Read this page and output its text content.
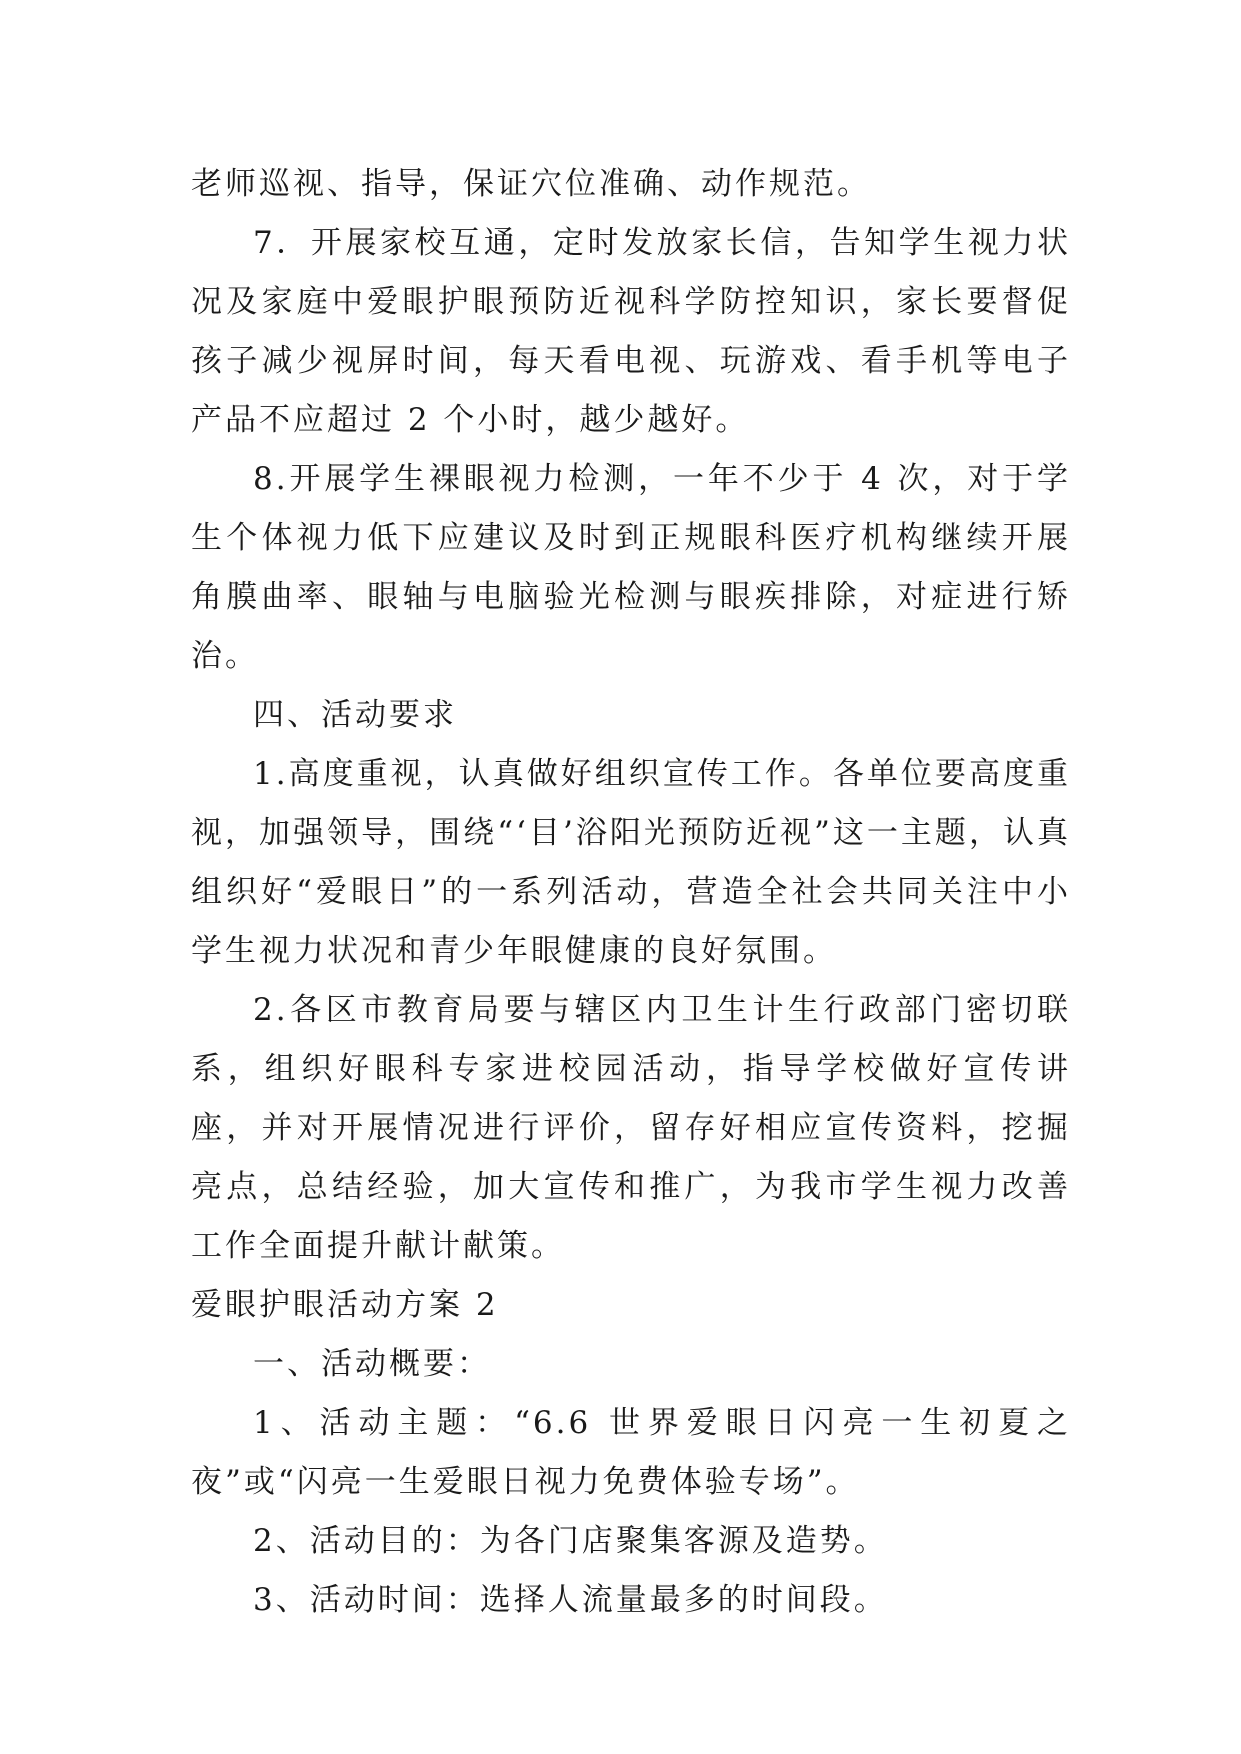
老师巡视、指导，保证穴位准确、动作规范。

7．开展家校互通，定时发放家长信，告知学生视力状况及家庭中爱眼护眼预防近视科学防控知识，家长要督促孩子减少视屏时间，每天看电视、玩游戏、看手机等电子产品不应超过 2 个小时，越少越好。

8.开展学生裸眼视力检测，一年不少于 4 次，对于学生个体视力低下应建议及时到正规眼科医疗机构继续开展角膜曲率、眼轴与电脑验光检测与眼疾排除，对症进行矫治。

四、活动要求

1.高度重视，认真做好组织宣传工作。各单位要高度重视，加强领导，围绕“‘目’浴阳光预防近视”这一主题，认真组织好“爱眼日”的一系列活动，营造全社会共同关注中小学生视力状况和青少年眼健康的良好氛围。

2.各区市教育局要与辖区内卫生计生行政部门密切联系，组织好眼科专家进校园活动，指导学校做好宣传讲座，并对开展情况进行评价，留存好相应宣传资料，挖掘亮点，总结经验，加大宣传和推广，为我市学生视力改善工作全面提升献计献策。

爱眼护眼活动方案 2

一、活动概要：

1、活动主题：“6.6 世界爱眼日闪亮一生初夏之夜”或“闪亮一生爱眼日视力免费体验专场”。

2、活动目的：为各门店聚集客源及造势。

3、活动时间：选择人流量最多的时间段。
